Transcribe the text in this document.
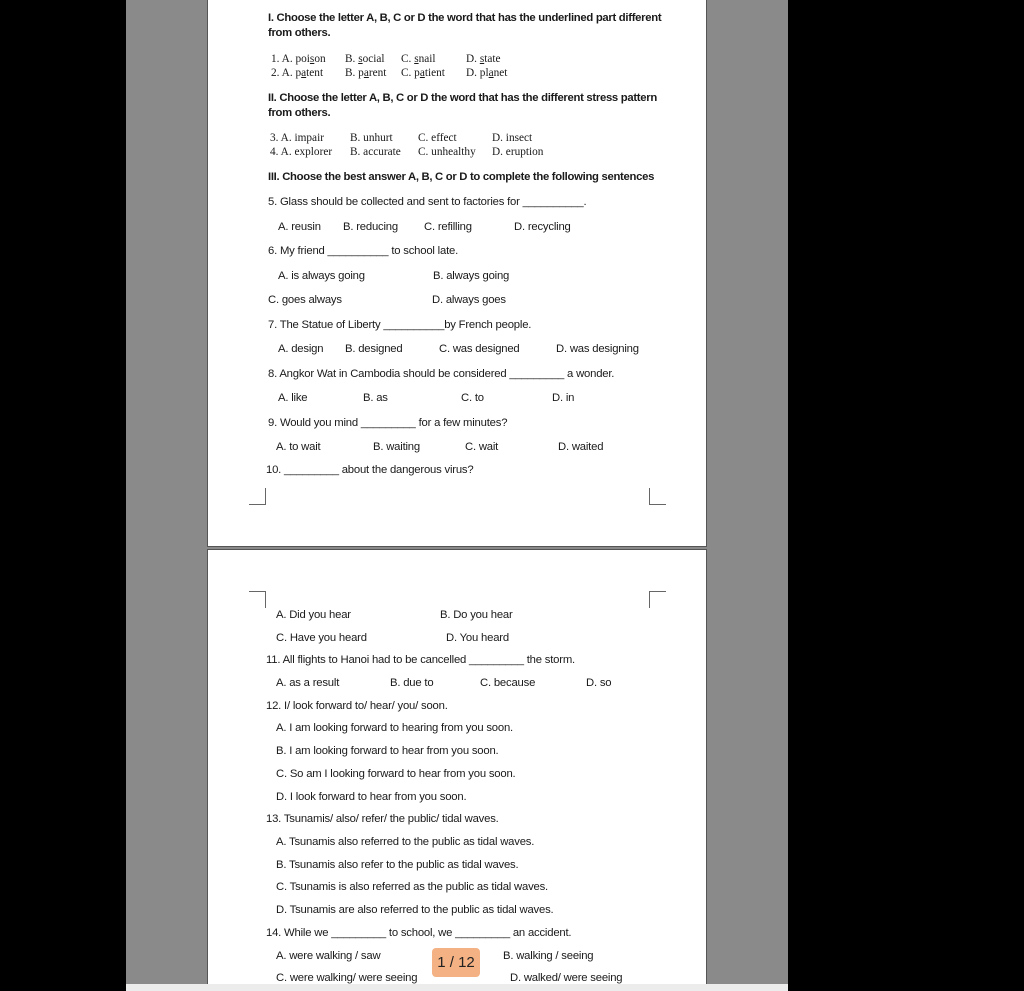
I. Choose the letter A, B, C or D the word that has the underlined part different
from others.
1. A. poison B. social C. snail	D. state
2. A. patent B. parent C. patient D. planet
II. Choose the letter A, B, C or D the word that has the different stress pattern
from others.
3. A. impair B. unhurt C. effect	D. insect
4. A. explorer B. accurate C. unhealthy D. eruption
III. Choose the best answer A, B, C or D to complete the following sentences
5. Glass should be collected and sent to factories for __________.
A. reusin B. reducing C. refilling	D. recycling
6. My friend __________ to school late.
A. is always going	B. always going
C. goes always	D. always goes
7. The Statue of Liberty __________by French people.
A. design B. designed	C. was designed	D. was designing
8. Angkor Wat in Cambodia should be considered _________ a wonder.
A. like	B. as	C. to	D. in
9. Would you mind _________ for a few minutes?
A. to wait	B. waiting	C. wait	D. waited
10. _________ about the dangerous virus?
A. Did you hear	B. Do you hear
C. Have you heard	D. You heard
11. All flights to Hanoi had to be cancelled _________ the storm.
A. as a result	B. due to	C. because	D. so
12. I/ look forward to/ hear/ you/ soon.
A. I am looking forward to hearing from you soon.
B. I am looking forward to hear from you soon.
C. So am I looking forward to hear from you soon.
D. I look forward to hear from you soon.
13. Tsunamis/ also/ refer/ the public/ tidal waves.
A. Tsunamis also referred to the public as tidal waves.
B. Tsunamis also refer to the public as tidal waves.
C. Tsunamis is also referred as the public as tidal waves.
D. Tsunamis are also referred to the public as tidal waves.
14. While we _________ to school, we _________ an accident.
A. were walking / saw	B. walking / seeing
C. were walking/ were seeing	D. walked/ were seeing
1 / 12
